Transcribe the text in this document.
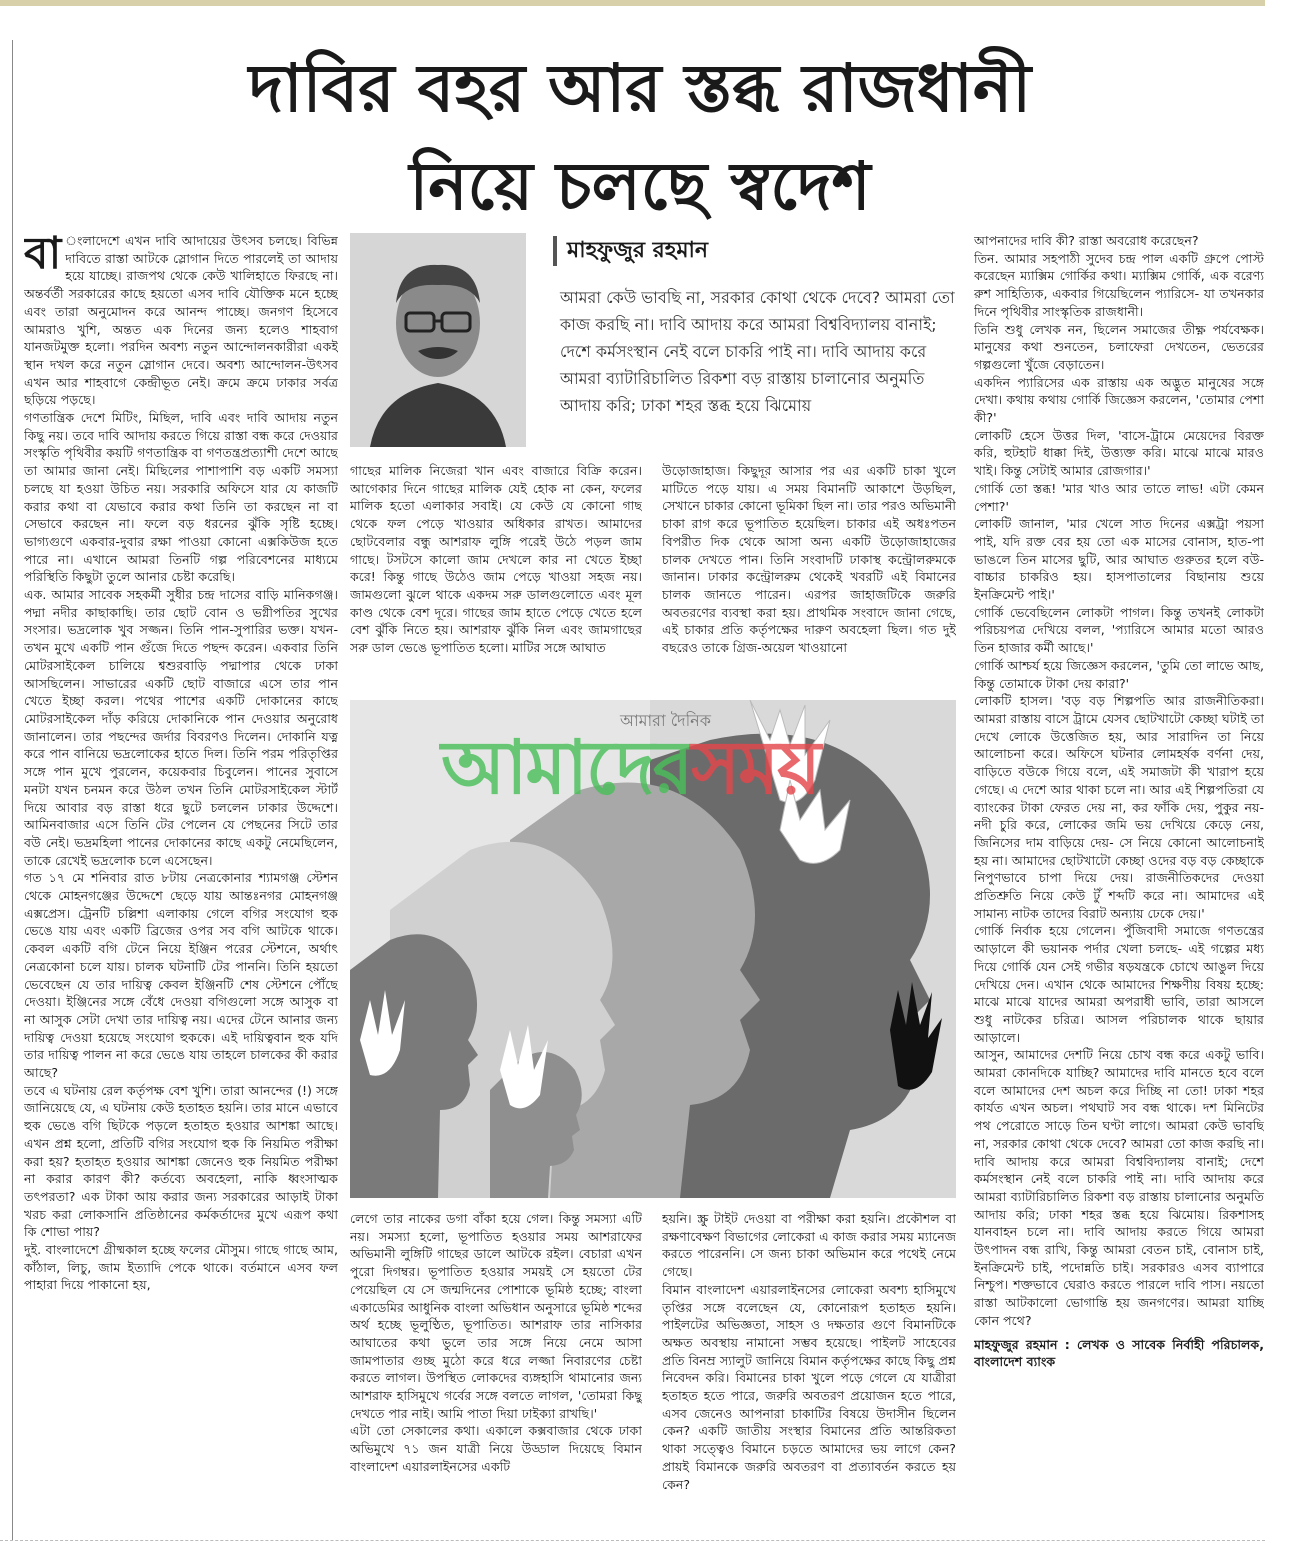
দাবির বহর আর স্তব্ধ রাজধানী
নিয়ে চলছে স্বদেশ

বা ংলাদেশে এখন দাবি আদায়ের উৎসব চলছে। বিভিন্ন দাবিতে রাস্তা আটকে স্লোগান দিতে পারলেই তা আদায় হয়ে যাচ্ছে। রাজপথ থেকে কেউ খালিহাতে ফিরছে না। অন্তর্বর্তী সরকারের কাছে হয়তো এসব দাবি যৌক্তিক মনে হচ্ছে এবং তারা অনুমোদন করে আনন্দ পাচ্ছে। জনগণ হিসেবে আমরাও খুশি, অন্তত এক দিনের জন্য হলেও শাহবাগ যানজটমুক্ত হলো। পরদিন অবশ্য নতুন আন্দোলনকারীরা একই স্থান দখল করে নতুন স্লোগান দেবে। অবশ্য আন্দোলন-উৎসব এখন আর শাহবাগে কেন্দ্রীভূত নেই। ক্রমে ক্রমে ঢাকার সর্বত্র ছড়িয়ে পড়ছে।

গণতান্ত্রিক দেশে মিটিং, মিছিল, দাবি এবং দাবি আদায় নতুন কিছু নয়। তবে দাবি আদায় করতে গিয়ে রাস্তা বন্ধ করে দেওয়ার সংস্কৃতি পৃথিবীর কয়টি গণতান্ত্রিক বা গণতন্ত্রপ্রত্যাশী দেশে আছে তা আমার জানা নেই। মিছিলের পাশাপাশি বড় একটি সমস্যা চলছে যা হওয়া উচিত নয়। সরকারি অফিসে যার যে কাজটি করার কথা বা যেভাবে করার কথা তিনি তা করছেন না বা সেভাবে করছেন না। ফলে বড় ধরনের ঝুঁকি সৃষ্টি হচ্ছে। ভাগ্যগুণে একবার-দুবার রক্ষা পাওয়া কোনো এক্সকিউজ হতে পারে না। এখানে আমরা তিনটি গল্প পরিবেশনের মাধ্যমে পরিস্থিতি কিছুটা তুলে আনার চেষ্টা করেছি।

এক. আমার সাবেক সহকর্মী সুধীর চন্দ্র দাসের বাড়ি মানিকগঞ্জ। পদ্মা নদীর কাছাকাছি। তার ছোট বোন ও ভগ্নীপতির সুখের সংসার। ভদ্রলোক খুব সজ্জন। তিনি পান-সুপারির ভক্ত। যখন-তখন মুখে একটি পান গুঁজে দিতে পছন্দ করেন। একবার তিনি মোটরসাইকেল চালিয়ে শ্বশুরবাড়ি পদ্মাপার থেকে ঢাকা আসছিলেন। সাভারের একটি ছোট বাজারে এসে তার পান খেতে ইচ্ছা করল। পথের পাশের একটি দোকানের কাছে মোটরসাইকেল দাঁড় করিয়ে দোকানিকে পান দেওয়ার অনুরোধ জানালেন। তার পছন্দের জর্দার বিবরণও দিলেন। দোকানি যত্ন করে পান বানিয়ে ভদ্রলোকের হাতে দিল। তিনি পরম পরিতৃপ্তির সঙ্গে পান মুখে পুরলেন, কয়েকবার চিবুলেন। পানের সুবাসে মনটা যখন চনমন করে উঠল তখন তিনি মোটরসাইকেল স্টার্ট দিয়ে আবার বড় রাস্তা ধরে ছুটে চললেন ঢাকার উদ্দেশে। আমিনবাজার এসে তিনি টের পেলেন যে পেছনের সিটে তার বউ নেই। ভদ্রমহিলা পানের দোকানের কাছে একটু নেমেছিলেন, তাকে রেখেই ভদ্রলোক চলে এসেছেন।

গত ১৭ মে শনিবার রাত ৮টায় নেত্রকোনার শ্যামগঞ্জ স্টেশন থেকে মোহনগঞ্জের উদ্দেশে ছেড়ে যায় আন্তঃনগর মোহনগঞ্জ এক্সপ্রেস। ট্রেনটি চল্লিশা এলাকায় গেলে বগির সংযোগ হুক ভেঙে যায় এবং একটি ব্রিজের ওপর সব বগি আটকে থাকে। কেবল একটি বগি টেনে নিয়ে ইঞ্জিন পরের স্টেশনে, অর্থাৎ নেত্রকোনা চলে যায়। চালক ঘটনাটি টের পাননি। তিনি হয়তো ভেবেছেন যে তার দায়িত্ব কেবল ইঞ্জিনটি শেষ স্টেশনে পৌঁছে দেওয়া। ইঞ্জিনের সঙ্গে বেঁধে দেওয়া বগিগুলো সঙ্গে আসুক বা না আসুক সেটা দেখা তার দায়িত্ব নয়। এদের টেনে আনার জন্য দায়িত্ব দেওয়া হয়েছে সংযোগ হুককে। এই দায়িত্ববান হুক যদি তার দায়িত্ব পালন না করে ভেঙে যায় তাহলে চালকের কী করার আছে?

তবে এ ঘটনায় রেল কর্তৃপক্ষ বেশ খুশি। তারা আনন্দের (!) সঙ্গে জানিয়েছে যে, এ ঘটনায় কেউ হতাহত হয়নি। তার মানে এভাবে হুক ভেঙে বগি ছিটকে পড়লে হতাহত হওয়ার আশঙ্কা আছে। এখন প্রশ্ন হলো, প্রতিটি বগির সংযোগ হুক কি নিয়মিত পরীক্ষা করা হয়? হতাহত হওয়ার আশঙ্কা জেনেও হুক নিয়মিত পরীক্ষা না করার কারণ কী? কর্তব্যে অবহেলা, নাকি ধ্বংসাত্মক তৎপরতা? এক টাকা আয় করার জন্য সরকারের আড়াই টাকা খরচ করা লোকসানি প্রতিষ্ঠানের কর্মকর্তাদের মুখে এরূপ কথা কি শোভা পায়?

দুই. বাংলাদেশে গ্রীষ্মকাল হচ্ছে ফলের মৌসুম। গাছে গাছে আম, কাঁঠাল, লিচু, জাম ইত্যাদি পেকে থাকে। বর্তমানে এসব ফল পাহারা দিয়ে পাকানো হয়,

মাহফুজুর রহমান
আমরা কেউ ভাবছি না, সরকার কোথা থেকে দেবে? আমরা তো কাজ করছি না। দাবি আদায় করে আমরা বিশ্ববিদ্যালয় বানাই; দেশে কর্মসংস্থান নেই বলে চাকরি পাই না। দাবি আদায় করে আমরা ব্যাটারিচালিত রিকশা বড় রাস্তায় চালানোর অনুমতি আদায় করি; ঢাকা শহর স্তব্ধ হয়ে ঝিমোয়

গাছের মালিক নিজেরা খান এবং বাজারে বিক্রি করেন। আগেকার দিনে গাছের মালিক যেই হোক না কেন, ফলের মালিক হতো এলাকার সবাই। যে কেউ যে কোনো গাছ থেকে ফল পেড়ে খাওয়ার অধিকার রাখত। আমাদের ছোটবেলার বন্ধু আশরাফ লুঙ্গি পরেই উঠে পড়ল জাম গাছে। টসটসে কালো জাম দেখলে কার না খেতে ইচ্ছা করে! কিন্তু গাছে উঠেও জাম পেড়ে খাওয়া সহজ নয়। জামগুলো ঝুলে থাকে একদম সরু ডালগুলোতে এবং মূল কাণ্ড থেকে বেশ দূরে। গাছের জাম হাতে পেড়ে খেতে হলে বেশ ঝুঁকি নিতে হয়। আশরাফ ঝুঁকি নিল এবং জামগাছের সরু ডাল ভেঙে ভূপাতিত হলো। মাটির সঙ্গে আঘাত

উড়োজাহাজ। কিছুদূর আসার পর এর একটি চাকা খুলে মাটিতে পড়ে যায়। এ সময় বিমানটি আকাশে উড়ছিল, সেখানে চাকার কোনো ভূমিকা ছিল না। তার পরও অভিমানী চাকা রাগ করে ভূপাতিত হয়েছিল। চাকার এই অধঃপতন বিপরীত দিক থেকে আসা অন্য একটি উড়োজাহাজের চালক দেখতে পান। তিনি সংবাদটি ঢাকাস্থ কন্ট্রোলরুমকে জানান। ঢাকার কন্ট্রোলরুম থেকেই খবরটি এই বিমানের চালক জানতে পারেন। এরপর জাহাজটিকে জরুরি অবতরণের ব্যবস্থা করা হয়। প্রাথমিক সংবাদে জানা গেছে, এই চাকার প্রতি কর্তৃপক্ষের দারুণ অবহেলা ছিল। গত দুই বছরেও তাকে গ্রিজ-অয়েল খাওয়ানো

আমারা দৈনিক
আমাদেরসময়

লেগে তার নাকের ডগা বাঁকা হয়ে গেল। কিন্তু সমস্যা এটি নয়। সমস্যা হলো, ভূপাতিত হওয়ার সময় আশরাফের অভিমানী লুঙ্গিটি গাছের ডালে আটকে রইল। বেচারা এখন পুরো দিগম্বর। ভূপাতিত হওয়ার সময়ই সে হয়তো টের পেয়েছিল যে সে জন্মদিনের পোশাকে ভূমিষ্ঠ হচ্ছে; বাংলা একাডেমির আধুনিক বাংলা অভিধান অনুসারে ভূমিষ্ঠ শব্দের অর্থ হচ্ছে ভূলুণ্ঠিত, ভূপাতিত। আশরাফ তার নাসিকার আঘাতের কথা ভুলে তার সঙ্গে নিয়ে নেমে আসা জামপাতার গুচ্ছ মুঠো করে ধরে লজ্জা নিবারণের চেষ্টা করতে লাগল। উপস্থিত লোকদের ব্যঙ্গহাসি থামানোর জন্য আশরাফ হাসিমুখে গর্বের সঙ্গে বলতে লাগল, 'তোমরা কিছু দেখতে পার নাই। আমি পাতা দিয়া ঢাইক্যা রাখছি।'

এটা তো সেকালের কথা। একালে কক্সবাজার থেকে ঢাকা অভিমুখে ৭১ জন যাত্রী নিয়ে উড্ডাল দিয়েছে বিমান বাংলাদেশ এয়ারলাইনসের একটি

হয়নি। স্ক্রু টাইট দেওয়া বা পরীক্ষা করা হয়নি। প্রকৌশল বা রক্ষণাবেক্ষণ বিভাগের লোকেরা এ কাজ করার সময় ম্যানেজ করতে পারেননি। সে জন্য চাকা অভিমান করে পথেই নেমে গেছে।

বিমান বাংলাদেশ এয়ারলাইনসের লোকেরা অবশ্য হাসিমুখে তৃপ্তির সঙ্গে বলেছেন যে, কোনোরূপ হতাহত হয়নি। পাইলটের অভিজ্ঞতা, সাহস ও দক্ষতার গুণে বিমানটিকে অক্ষত অবস্থায় নামানো সম্ভব হয়েছে। পাইলট সাহেবের প্রতি বিনম্র স্যালুট জানিয়ে বিমান কর্তৃপক্ষের কাছে কিছু প্রশ্ন নিবেদন করি। বিমানের চাকা খুলে পড়ে গেলে যে যাত্রীরা হতাহত হতে পারে, জরুরি অবতরণ প্রয়োজন হতে পারে, এসব জেনেও আপনারা চাকাটির বিষয়ে উদাসীন ছিলেন কেন? একটি জাতীয় সংস্থার বিমানের প্রতি আন্তরিকতা থাকা সত্ত্বেও বিমানে চড়তে আমাদের ভয় লাগে কেন? প্রায়ই বিমানকে জরুরি অবতরণ বা প্রত্যাবর্তন করতে হয় কেন?

আপনাদের দাবি কী? রাস্তা অবরোধ করেছেন?

তিন. আমার সহপাঠী সুদেব চন্দ্র পাল একটি গ্রুপে পোস্ট করেছেন ম্যাক্সিম গোর্কির কথা। ম্যাক্সিম গোর্কি, এক বরেণ্য রুশ সাহিত্যিক, একবার গিয়েছিলেন প্যারিসে- যা তখনকার দিনে পৃথিবীর সাংস্কৃতিক রাজধানী।

তিনি শুধু লেখক নন, ছিলেন সমাজের তীক্ষ্ণ পর্যবেক্ষক। মানুষের কথা শুনতেন, চলাফেরা দেখতেন, ভেতরের গল্পগুলো খুঁজে বেড়াতেন।

একদিন প্যারিসের এক রাস্তায় এক অদ্ভুত মানুষের সঙ্গে দেখা। কথায় কথায় গোর্কি জিজ্ঞেস করলেন, 'তোমার পেশা কী?'

লোকটি হেসে উত্তর দিল, 'বাসে-ট্রামে মেয়েদের বিরক্ত করি, হুটহাট ধাক্কা দিই, উত্ত্যক্ত করি। মাঝে মাঝে মারও খাই। কিন্তু সেটাই আমার রোজগার।'

গোর্কি তো স্তব্ধ! 'মার খাও আর তাতে লাভ! এটা কেমন পেশা?'

লোকটি জানাল, 'মার খেলে সাত দিনের এক্সট্রা পয়সা পাই, যদি রক্ত বের হয় তো এক মাসের বোনাস, হাত-পা ভাঙলে তিন মাসের ছুটি, আর আঘাত গুরুতর হলে বউ-বাচ্চার চাকরিও হয়। হাসপাতালের বিছানায় শুয়ে ইনক্রিমেন্ট পাই।'

গোর্কি ভেবেছিলেন লোকটা পাগল। কিন্তু তখনই লোকটা পরিচয়পত্র দেখিয়ে বলল, 'প্যারিসে আমার মতো আরও তিন হাজার কর্মী আছে।'

গোর্কি আশ্চর্য হয়ে জিজ্ঞেস করলেন, 'তুমি তো লাভে আছ, কিন্তু তোমাকে টাকা দেয় কারা?'

লোকটি হাসল। 'বড় বড় শিল্পপতি আর রাজনীতিকরা। আমরা রাস্তায় বাসে ট্রামে যেসব ছোটখাটো কেচ্ছা ঘটাই তা দেখে লোকে উত্তেজিত হয়, আর সারাদিন তা নিয়ে আলোচনা করে। অফিসে ঘটনার লোমহর্ষক বর্ণনা দেয়, বাড়িতে বউকে গিয়ে বলে, এই সমাজটা কী খারাপ হয়ে গেছে। এ দেশে আর থাকা চলে না। আর এই শিল্পপতিরা যে ব্যাংকের টাকা ফেরত দেয় না, কর ফাঁকি দেয়, পুকুর নয়- নদী চুরি করে, লোকের জমি ভয় দেখিয়ে কেড়ে নেয়, জিনিসের দাম বাড়িয়ে দেয়- সে নিয়ে কোনো আলোচনাই হয় না। আমাদের ছোটখাটো কেচ্ছা ওদের বড় বড় কেচ্ছাকে নিপুণভাবে চাপা দিয়ে দেয়। রাজনীতিকদের দেওয়া প্রতিশ্রুতি নিয়ে কেউ টুঁ শব্দটি করে না। আমাদের এই সামান্য নাটক তাদের বিরাট অন্যায় ঢেকে দেয়।'

গোর্কি নির্বাক হয়ে গেলেন। পুঁজিবাদী সমাজে গণতন্ত্রের আড়ালে কী ভয়ানক পর্দার খেলা চলছে- এই গল্পের মধ্য দিয়ে গোর্কি যেন সেই গভীর ষড়যন্ত্রকে চোখে আঙুল দিয়ে দেখিয়ে দেন। এখান থেকে আমাদের শিক্ষণীয় বিষয় হচ্ছে: মাঝে মাঝে যাদের আমরা অপরাধী ভাবি, তারা আসলে শুধু নাটকের চরিত্র। আসল পরিচালক থাকে ছায়ার আড়ালে।

আসুন, আমাদের দেশটি নিয়ে চোখ বন্ধ করে একটু ভাবি। আমরা কোনদিকে যাচ্ছি? আমাদের দাবি মানতে হবে বলে বলে আমাদের দেশ অচল করে দিচ্ছি না তো! ঢাকা শহর কার্যত এখন অচল। পথঘাট সব বন্ধ থাকে। দশ মিনিটের পথ পেরোতে সাড়ে তিন ঘণ্টা লাগে। আমরা কেউ ভাবছি না, সরকার কোথা থেকে দেবে? আমরা তো কাজ করছি না। দাবি আদায় করে আমরা বিশ্ববিদ্যালয় বানাই; দেশে কর্মসংস্থান নেই বলে চাকরি পাই না। দাবি আদায় করে আমরা ব্যাটারিচালিত রিকশা বড় রাস্তায় চালানোর অনুমতি আদায় করি; ঢাকা শহর স্তব্ধ হয়ে ঝিমোয়। রিকশাসহ যানবাহন চলে না। দাবি আদায় করতে গিয়ে আমরা উৎপাদন বন্ধ রাখি, কিন্তু আমরা বেতন চাই, বোনাস চাই, ইনক্রিমেন্ট চাই, পদোন্নতি চাই। সরকারও এসব ব্যাপারে নিশ্চুপ। শক্তভাবে ঘেরাও করতে পারলে দাবি পাস। নয়তো রাস্তা আটকালো ভোগান্তি হয় জনগণের। আমরা যাচ্ছি কোন পথে?

মাহফুজুর রহমান : লেখক ও সাবেক নির্বাহী পরিচালক, বাংলাদেশ ব্যাংক
